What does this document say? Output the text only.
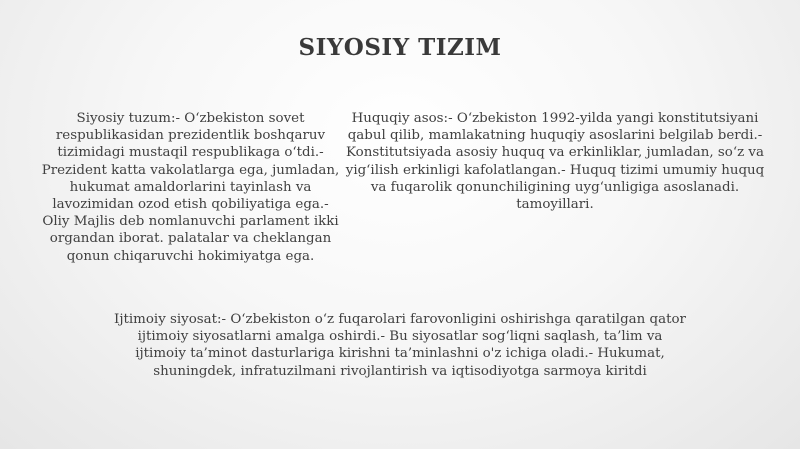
SIYOSIY TIZIM
Siyosiy tuzum:- O‘zbekiston sovet respublikasidan prezidentlik boshqaruv tizimidagi mustaqil respublikaga o‘tdi.- Prezident katta vakolatlarga ega, jumladan, hukumat amaldorlarini tayinlash va lavozimidan ozod etish qobiliyatiga ega.- Oliy Majlis deb nomlanuvchi parlament ikki organdan iborat. palatalar va cheklangan qonun chiqaruvchi hokimiyatga ega.
Huquqiy asos:- O‘zbekiston 1992-yilda yangi konstitutsiyani qabul qilib, mamlakatning huquqiy asoslarini belgilab berdi.- Konstitutsiyada asosiy huquq va erkinliklar, jumladan, so‘z va yig‘ilish erkinligi kafolatlangan.- Huquq tizimi umumiy huquq va fuqarolik qonunchiligining uyg‘unligiga asoslanadi. tamoyillari.
Ijtimoiy siyosat:- O‘zbekiston o‘z fuqarolari farovonligini oshirishga qaratilgan qator ijtimoiy siyosatlarni amalga oshirdi.- Bu siyosatlar sog‘liqni saqlash, ta’lim va ijtimoiy ta’minot dasturlariga kirishni ta’minlashni o'z ichiga oladi.- Hukumat, shuningdek, infratuzilmani rivojlantirish va iqtisodiyotga sarmoya kiritdi
